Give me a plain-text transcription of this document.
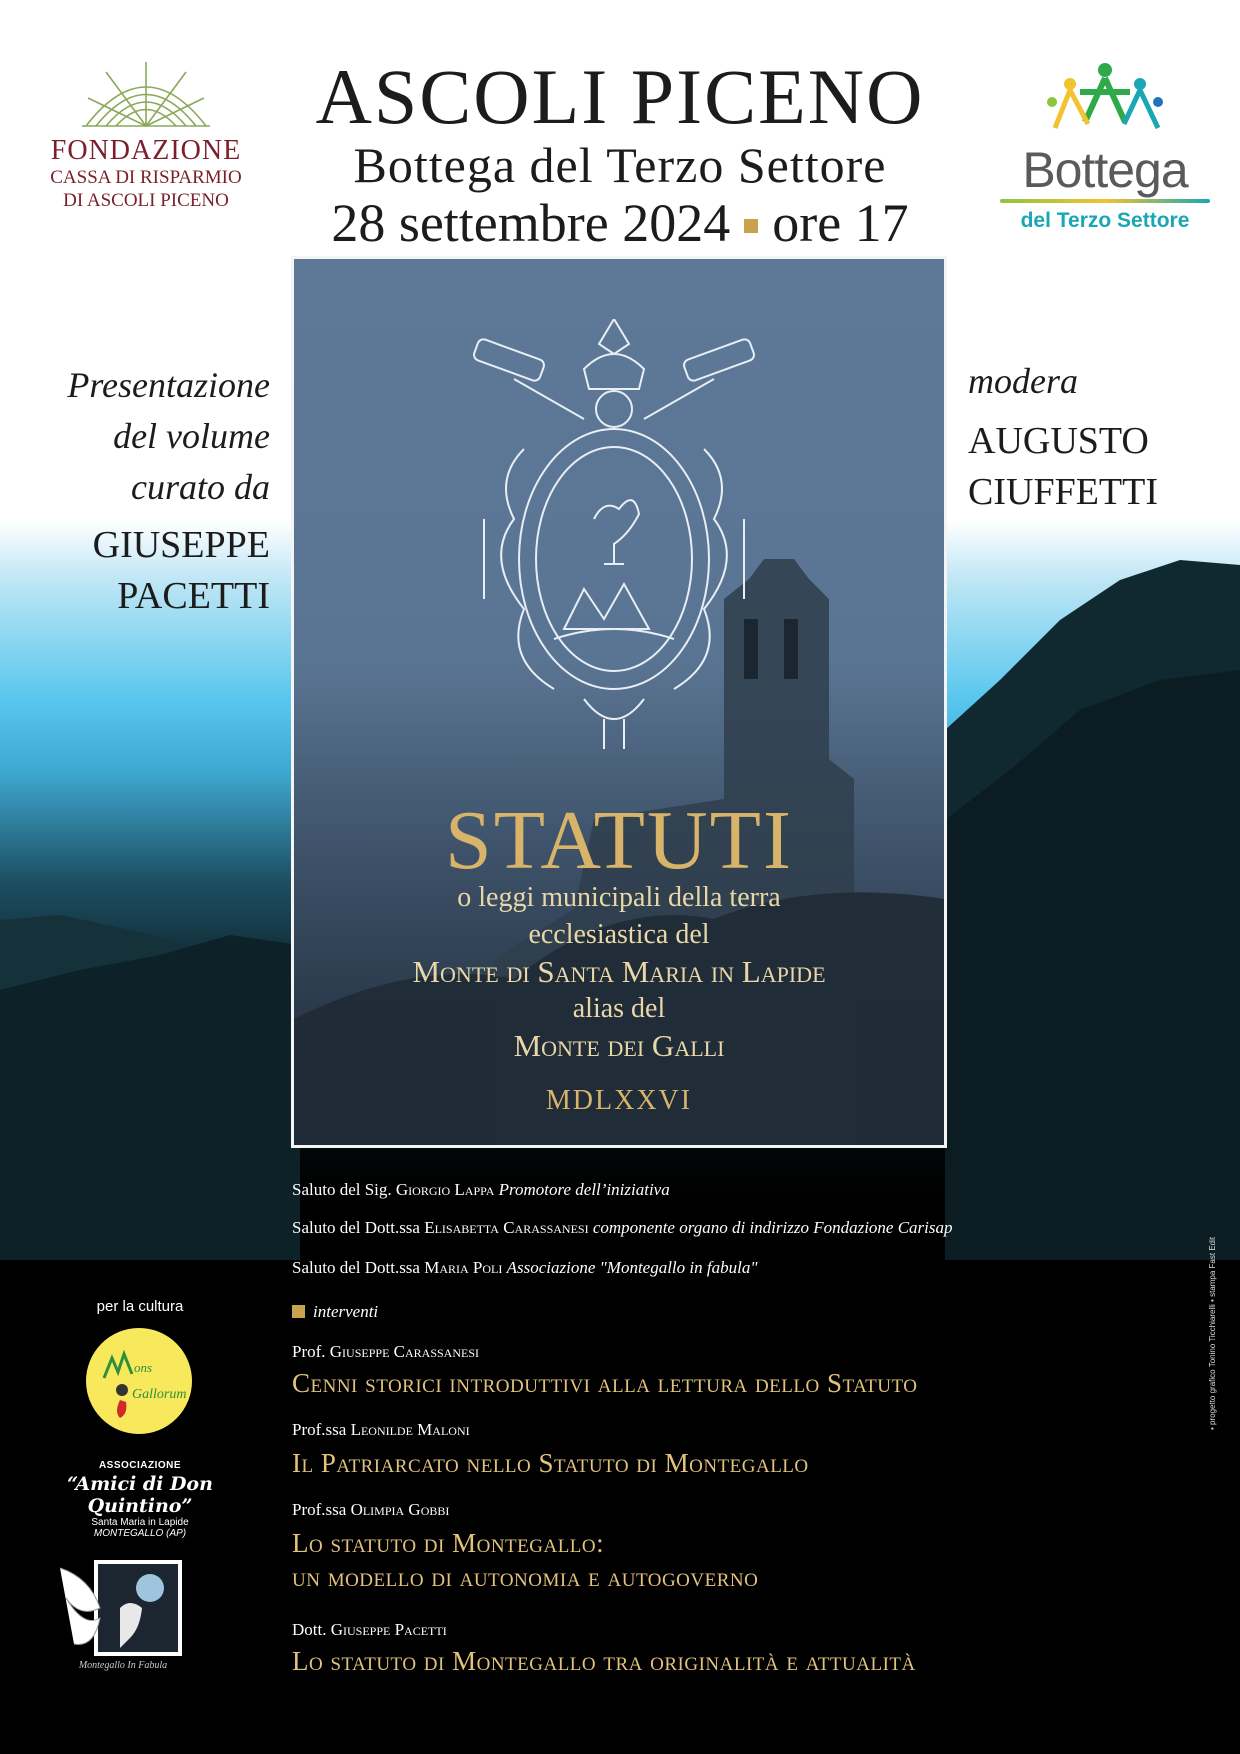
ASCOLI PICENO
Bottega del Terzo Settore
28 settembre 2024 ore 17
FONDAZIONE
CASSA DI RISPARMIO
DI ASCOLI PICENO
Bottega
del Terzo Settore
Presentazione
del volume
curato da
GIUSEPPE
PACETTI
modera
AUGUSTO
CIUFFETTI
STATUTI
o leggi municipali della terra
ecclesiastica del
Monte di Santa Maria in Lapide
alias del
Monte dei Galli
MDLXXVI
Saluto del Sig. Giorgio Lappa Promotore dell’iniziativa
Saluto del Dott.ssa Elisabetta Carassanesi componente organo di indirizzo Fondazione Carisap
Saluto del Dott.ssa Maria Poli Associazione "Montegallo in fabula"
interventi
Prof. Giuseppe Carassanesi
Cenni storici introduttivi alla lettura dello Statuto
Prof.ssa Leonilde Maloni
Il Patriarcato nello Statuto di Montegallo
Prof.ssa Olimpia Gobbi
Lo statuto di Montegallo:
un modello di autonomia e autogoverno
Dott. Giuseppe Pacetti
Lo statuto di Montegallo tra originalità e attualità
per la cultura
ons
Gallorum
ASSOCIAZIONE
“Amici di Don Quintino”
Santa Maria in Lapide
MONTEGALLO (AP)
Montegallo In Fabula
• progetto grafico Tonino Ticchiarelli • stampa Fast Edit
